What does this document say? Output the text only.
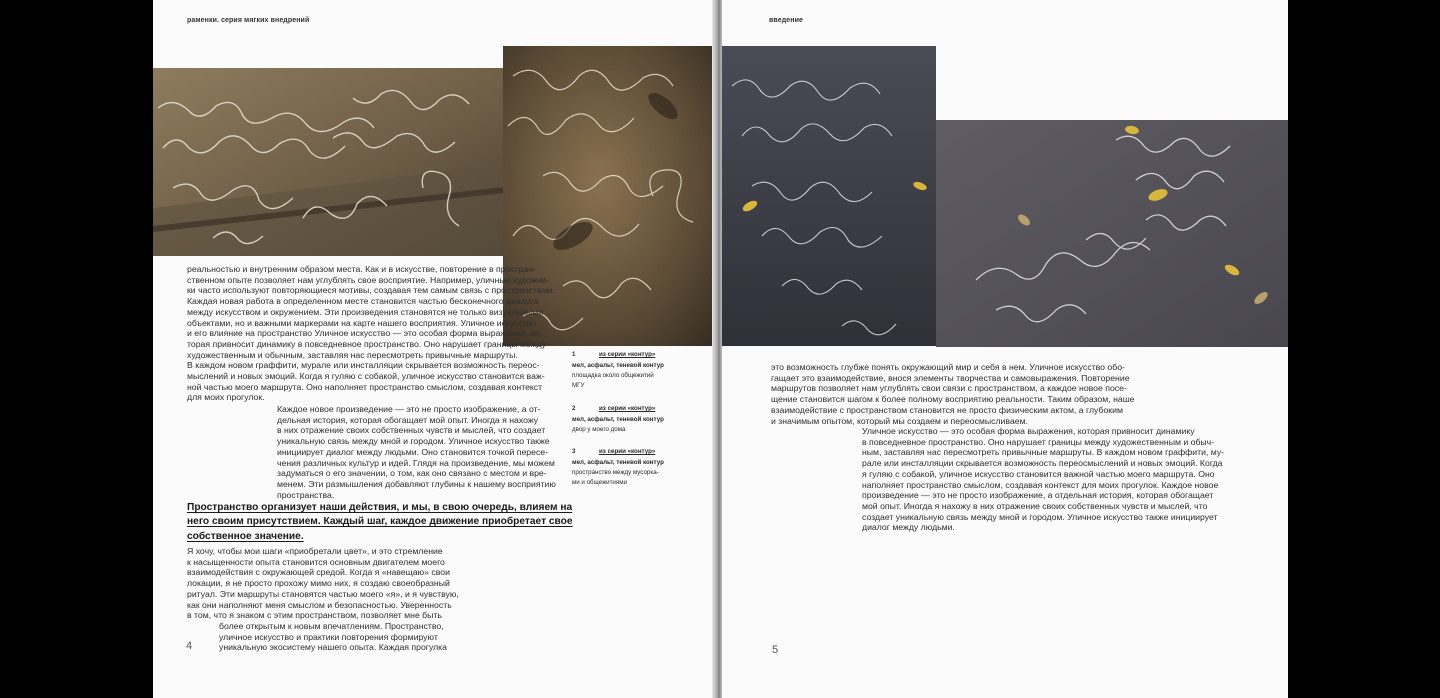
раменки. серия мягких внедрений

реальностью и внутренним образом места. Как и в искусстве, повторение в простран-
ственном опыте позволяет нам углублять свое восприятие. Например, уличные художни-
ки часто используют повторяющиеся мотивы, создавая тем самым связь с пространством.
Каждая новая работа в определенном месте становится частью бесконечного диалога
между искусством и окружением. Эти произведения становятся не только визуальными
объектами, но и важными маркерами на карте нашего восприятия. Уличное искусство
и его влияние на пространство Уличное искусство — это особая форма выражения, ко-
торая привносит динамику в повседневное пространство. Оно нарушает границы между
художественным и обычным, заставляя нас пересмотреть привычные маршруты.
В каждом новом граффити, мурале или инсталляции скрывается возможность переос-
мыслений и новых эмоций. Когда я гуляю с собакой, уличное искусство становится важ-
ной частью моего маршрута. Оно наполняет пространство смыслом, создавая контекст
для моих прогулок.

Каждое новое произведение — это не просто изображение, а от-
дельная история, которая обогащает мой опыт. Иногда я нахожу
в них отражение своих собственных чувств и мыслей, что создает
уникальную связь между мной и городом. Уличное искусство также
инициирует диалог между людьми. Оно становится точкой пересе-
чения различных культур и идей. Глядя на произведение, мы можем
задуматься о его значении, о том, как оно связано с местом и вре-
менем. Эти размышления добавляют глубины к нашему восприятию
пространства.

Пространство организует наши действия, и мы, в свою очередь, влияем на
него своим присутствием. Каждый шаг, каждое движение приобретает свое
собственное значение.

Я хочу, чтобы мои шаги «приобретали цвет», и это стремление
к насыщенности опыта становится основным двигателем моего
взаимодействия с окружающей средой. Когда я «навещаю» свои
локации, я не просто прохожу мимо них, я создаю своеобразный
ритуал. Эти маршруты становятся частью моего «я», и я чувствую,
как они наполняют меня смыслом и безопасностью. Уверенность
в том, что я знаком с этим пространством, позволяет мне быть

более открытым к новым впечатлениям. Пространство,
уличное искусство и практики повторения формируют
уникальную экосистему нашего опыта. Каждая прогулка

1	из серии «контур»
мел, асфальт, теневой контур
площадка около общежитий
МГУ
2	из серии «контур»
мел, асфальт, теневой контур
двор у моего дома
3	из серии «контур»
мел, асфальт, теневой контур
пространство между мусорка-
ми и общежитиями
4
введение

это возможность глубже понять окружающий мир и себя в нем. Уличное искусство обо-
гащает это взаимодействие, внося элементы творчества и самовыражения. Повторение
маршрутов позволяет нам углублять свои связи с пространством, а каждое новое посе-
щение становится шагом к более полному восприятию реальности. Таким образом, наше
взаимодействие с пространством становится не просто физическим актом, а глубоким
и значимым опытом, который мы создаем и переосмысливаем.

Уличное искусство — это особая форма выражения, которая привносит динамику
в повседневное пространство. Оно нарушает границы между художественным и обыч-
ным, заставляя нас пересмотреть привычные маршруты. В каждом новом граффити, му-
рале или инсталляции скрывается возможность переосмыслений и новых эмоций. Когда
я гуляю с собакой, уличное искусство становится важной частью моего маршрута. Оно
наполняет пространство смыслом, создавая контекст для моих прогулок. Каждое новое
произведение — это не просто изображение, а отдельная история, которая обогащает
мой опыт. Иногда я нахожу в них отражение своих собственных чувств и мыслей, что
создает уникальную связь между мной и городом. Уличное искусство также инициирует
диалог между людьми.

5
